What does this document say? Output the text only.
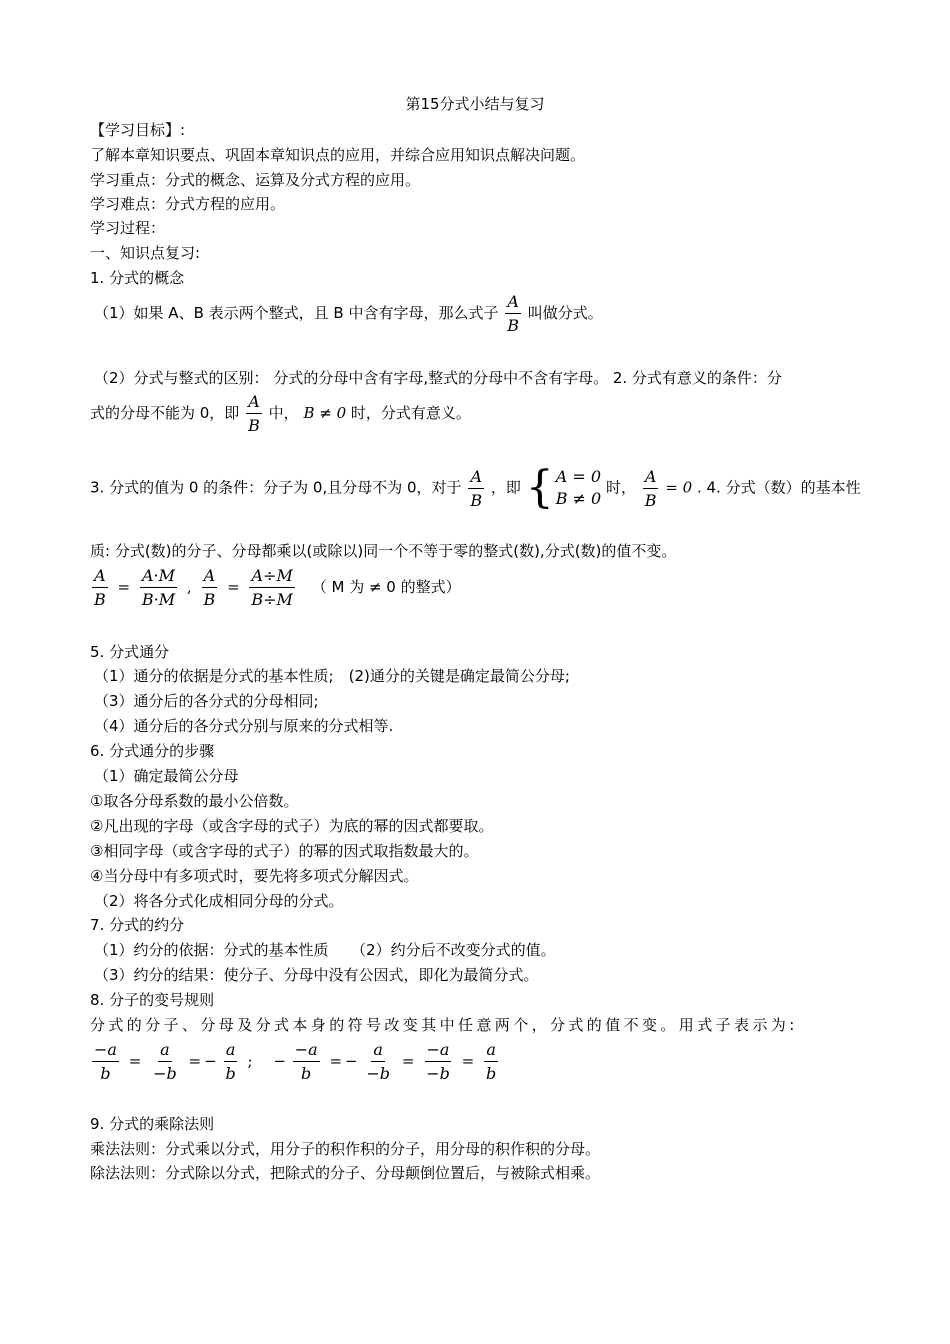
第15分式小结与复习
【学习目标】:
了解本章知识要点、巩固本章知识点的应用，并综合应用知识点解决问题。
学习重点：分式的概念、运算及分式方程的应用。
学习难点：分式方程的应用。
学习过程：
一、知识点复习:
1. 分式的概念
（1）如果 A、B 表示两个整式，且 B 中含有字母，那么式子 $\frac{A}{B}$ 叫做分式。
（2）分式与整式的区别： 分式的分母中含有字母,整式的分母中不含有字母。 2. 分式有意义的条件：分
式的分母不能为 0，即 $\frac{A}{B}$ 中， B ≠ 0 时，分式有意义。
3. 分式的值为 0 的条件：分子为 0,且分母不为 0，对于 $\frac{A}{B}$ ，即 { A = 0
B ≠ 0
时， $\frac{A}{B} = 0$ . 4. 分式（数）的基本性
质: 分式(数)的分子、分母都乘以(或除以)同一个不等于零的整式(数),分式(数)的值不变。
$\frac{A}{B} = \frac{A\cdot M}{B\cdot M}$ , $\frac{A}{B} = \frac{A\div M}{B\div M}$ （ M 为 ≠ 0 的整式）
5. 分式通分
（1）通分的依据是分式的基本性质;　(2)通分的关键是确定最简公分母;
（3）通分后的各分式的分母相同;
（4）通分后的各分式分别与原来的分式相等.
6. 分式通分的步骤
（1）确定最简公分母
①取各分母系数的最小公倍数。
②凡出现的字母（或含字母的式子）为底的幂的因式都要取。
③相同字母（或含字母的式子）的幂的因式取指数最大的。
④当分母中有多项式时，要先将多项式分解因式。
（2）将各分式化成相同分母的分式。
7. 分式的约分
（1）约分的依据：分式的基本性质　　（2）约分后不改变分式的值。
（3）约分的结果：使分子、分母中没有公因式，即化为最简分式。
8. 分子的变号规则
分式的分子、分母及分式本身的符号改变其中任意两个，分式的值不变。用式子表示为:
$\frac{-a}{b} = \frac{a}{-b}$ = − $\frac{a}{b}$ ; − $\frac{-a}{b}$ = − $\frac{a}{-b} = \frac{-a}{-b} = \frac{a}{b}$
9. 分式的乘除法则
乘法法则：分式乘以分式，用分子的积作积的分子，用分母的积作积的分母。
除法法则：分式除以分式，把除式的分子、分母颠倒位置后，与被除式相乘。
